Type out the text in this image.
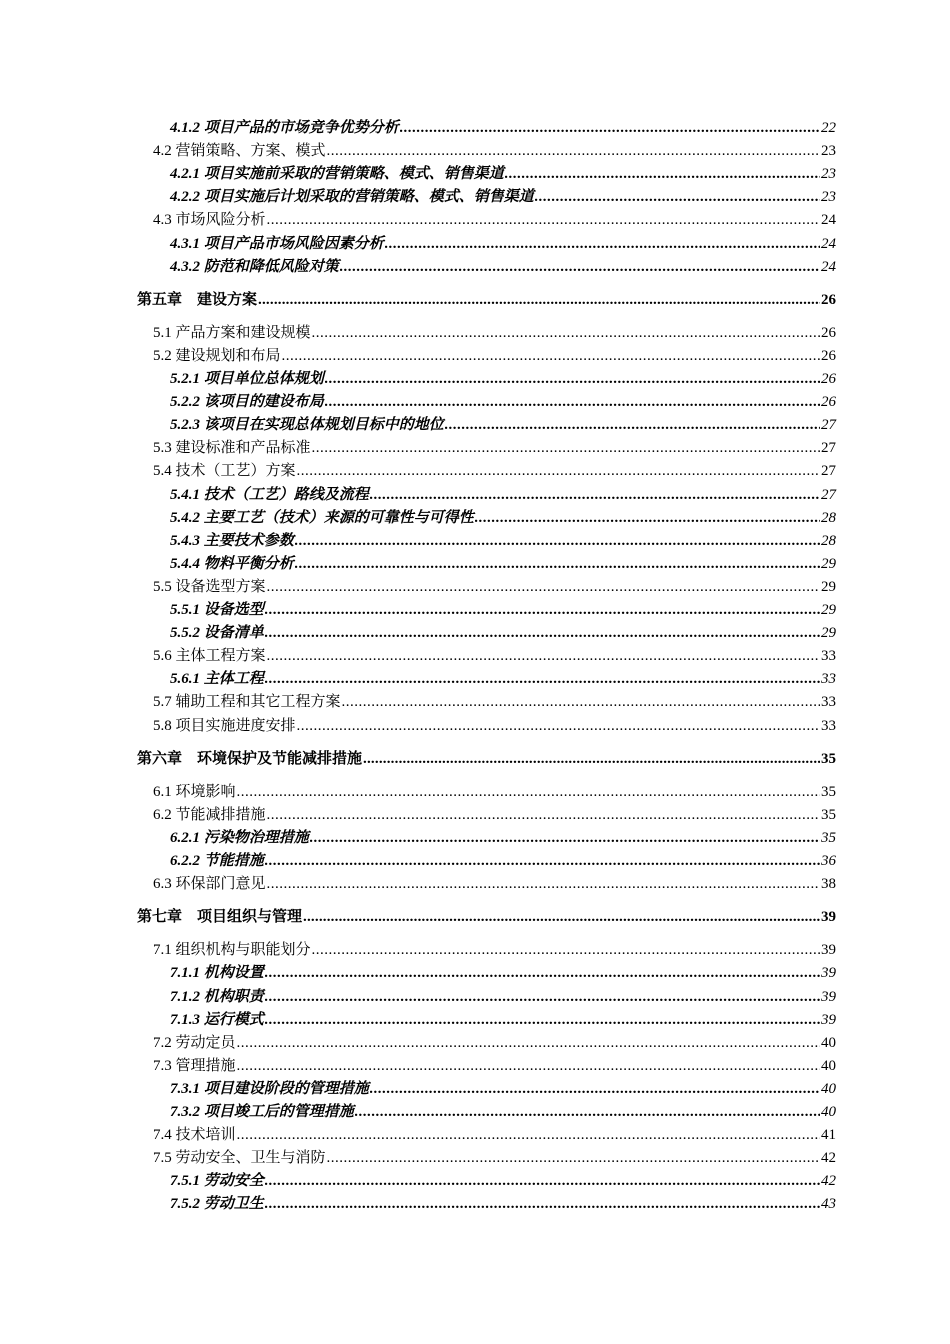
4.1.2 项目产品的市场竞争优势分析 .....	22
4.2 营销策略、方案、模式 .....	23
4.2.1 项目实施前采取的营销策略、模式、销售渠道 .....	23
4.2.2 项目实施后计划采取的营销策略、模式、销售渠道 .....	23
4.3 市场风险分析 .....	24
4.3.1 项目产品市场风险因素分析 .....	24
4.3.2 防范和降低风险对策 .....	24
第五章　建设方案 .....	26
5.1 产品方案和建设规模 .....	26
5.2 建设规划和布局 .....	26
5.2.1 项目单位总体规划 .....	26
5.2.2 该项目的建设布局 .....	26
5.2.3 该项目在实现总体规划目标中的地位 .....	27
5.3 建设标准和产品标准 .....	27
5.4 技术（工艺）方案 .....	27
5.4.1 技术（工艺）路线及流程 .....	27
5.4.2 主要工艺（技术）来源的可靠性与可得性 .....	28
5.4.3 主要技术参数 .....	28
5.4.4 物料平衡分析 .....	29
5.5 设备选型方案 .....	29
5.5.1 设备选型 .....	29
5.5.2 设备清单 .....	29
5.6 主体工程方案 .....	33
5.6.1 主体工程 .....	33
5.7 辅助工程和其它工程方案 .....	33
5.8 项目实施进度安排 .....	33
第六章　环境保护及节能减排措施 .....	35
6.1 环境影响 .....	35
6.2 节能减排措施 .....	35
6.2.1 污染物治理措施 .....	35
6.2.2 节能措施 .....	36
6.3 环保部门意见 .....	38
第七章　项目组织与管理 .....	39
7.1 组织机构与职能划分 .....	39
7.1.1 机构设置 .....	39
7.1.2 机构职责 .....	39
7.1.3 运行模式 .....	39
7.2 劳动定员 .....	40
7.3 管理措施 .....	40
7.3.1 项目建设阶段的管理措施 .....	40
7.3.2 项目竣工后的管理措施 .....	40
7.4 技术培训 .....	41
7.5 劳动安全、卫生与消防 .....	42
7.5.1 劳动安全 .....	42
7.5.2 劳动卫生 .....	43
